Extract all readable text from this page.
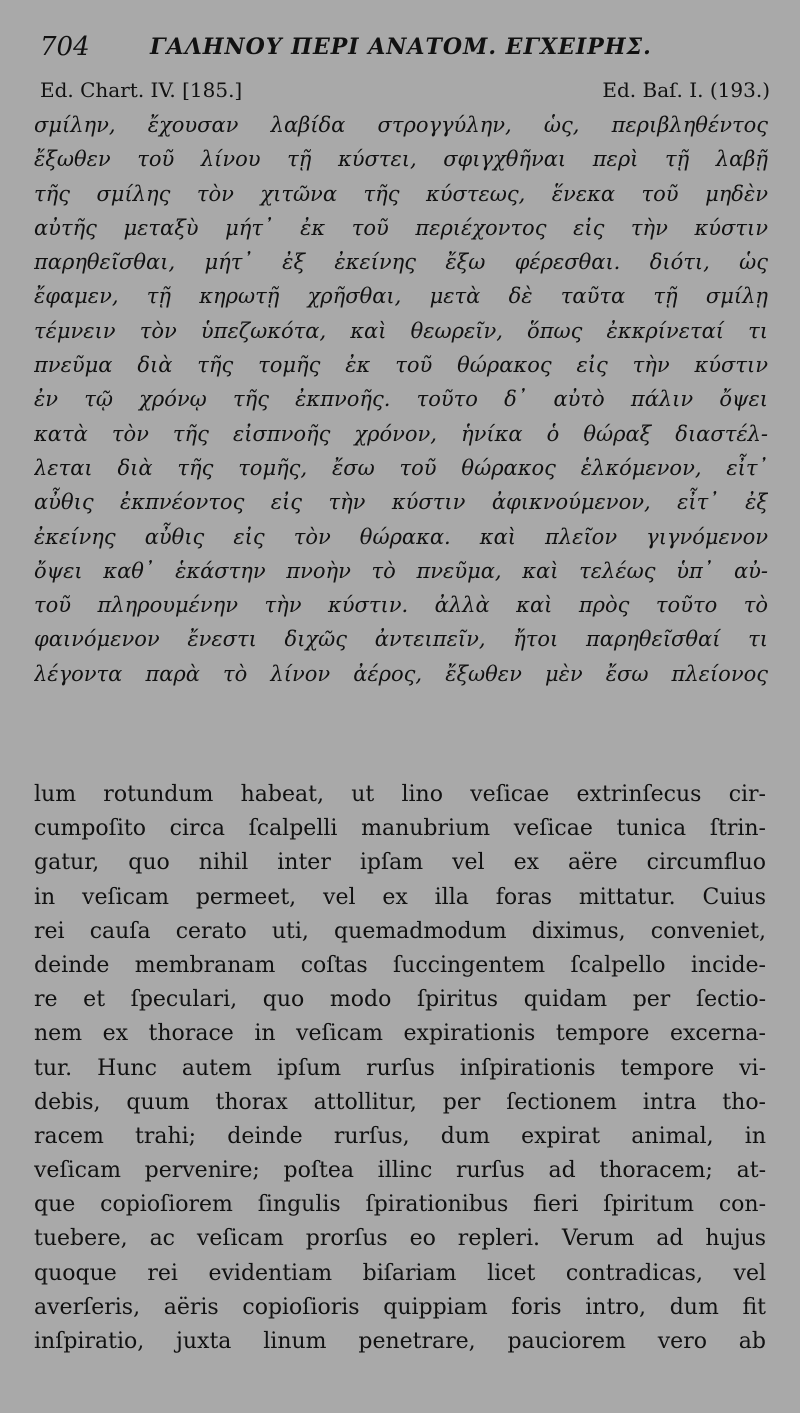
704	ΓΑΛΗΝΟΥ ΠΕΡΙ ΑΝΑΤΟΜ. ΕΓΧΕΙΡΗΣ.
Ed. Chart. IV. [185.]	Ed. Baſ. I. (193.)
σμίλην, ἔχουσαν λαβίδα στρογγύλην, ὡς, περιβληθέντος
ἔξωθεν τοῦ λίνου τῇ κύστει, σφιγχθῆναι περὶ τῇ λαβῇ
τῆς σμίλης τὸν χιτῶνα τῆς κύστεως, ἕνεκα τοῦ μηδὲν
αὐτῆς μεταξὺ μήτ᾽ ἐκ τοῦ περιέχοντος εἰς τὴν κύστιν
παρηθεῖσθαι, μήτ᾽ ἐξ ἐκείνης ἔξω φέρεσθαι. διότι, ὡς
ἔφαμεν, τῇ κηρωτῇ χρῆσθαι, μετὰ δὲ ταῦτα τῇ σμίλῃ
τέμνειν τὸν ὑπεζωκότα, καὶ θεωρεῖν, ὅπως ἐκκρίνεταί τι
πνεῦμα διὰ τῆς τομῆς ἐκ τοῦ θώρακος εἰς τὴν κύστιν
ἐν τῷ χρόνῳ τῆς ἐκπνοῆς. τοῦτο δ᾽ αὐτὸ πάλιν ὄψει
κατὰ τὸν τῆς εἰσπνοῆς χρόνον, ἡνίκα ὁ θώραξ διαστέλ-
λεται διὰ τῆς τομῆς, ἔσω τοῦ θώρακος ἑλκόμενον, εἶτ᾽
αὖθις ἐκπνέοντος εἰς τὴν κύστιν ἀφικνούμενον, εἶτ᾽ ἐξ
ἐκείνης αὖθις εἰς τὸν θώρακα. καὶ πλεῖον γιγνόμενον
ὄψει καθ᾽ ἑκάστην πνοὴν τὸ πνεῦμα, καὶ τελέως ὑπ᾽ αὐ-
τοῦ πληρουμένην τὴν κύστιν. ἀλλὰ καὶ πρὸς τοῦτο τὸ
φαινόμενον ἔνεστι διχῶς ἀντειπεῖν, ἤτοι παρηθεῖσθαί τι
λέγοντα παρὰ τὸ λίνον ἀέρος, ἔξωθεν μὲν ἔσω πλείονος
lum rotundum habeat, ut lino veſicae extrinſecus cir-
cumpoſito circa ſcalpelli manubrium veſicae tunica ſtrin-
gatur, quo nihil inter ipſam vel ex aëre circumfluo
in veſicam permeet, vel ex illa foras mittatur. Cuius
rei cauſa cerato uti, quemadmodum diximus, conveniet,
deinde membranam coſtas ſuccingentem ſcalpello incide-
re et ſpeculari, quo modo ſpiritus quidam per ſectio-
nem ex thorace in veſicam expirationis tempore excerna-
tur. Hunc autem ipſum rurſus inſpirationis tempore vi-
debis, quum thorax attollitur, per ſectionem intra tho-
racem trahi; deinde rurſus, dum expirat animal, in
veſicam pervenire; poſtea illinc rurſus ad thoracem; at-
que copioſiorem ſingulis ſpirationibus fieri ſpiritum con-
tuebere, ac veſicam prorſus eo repleri. Verum ad hujus
quoque rei evidentiam biſariam licet contradicas, vel
averſeris, aëris copioſioris quippiam foris intro, dum fit
inſpiratio, juxta linum penetrare, pauciorem vero ab
